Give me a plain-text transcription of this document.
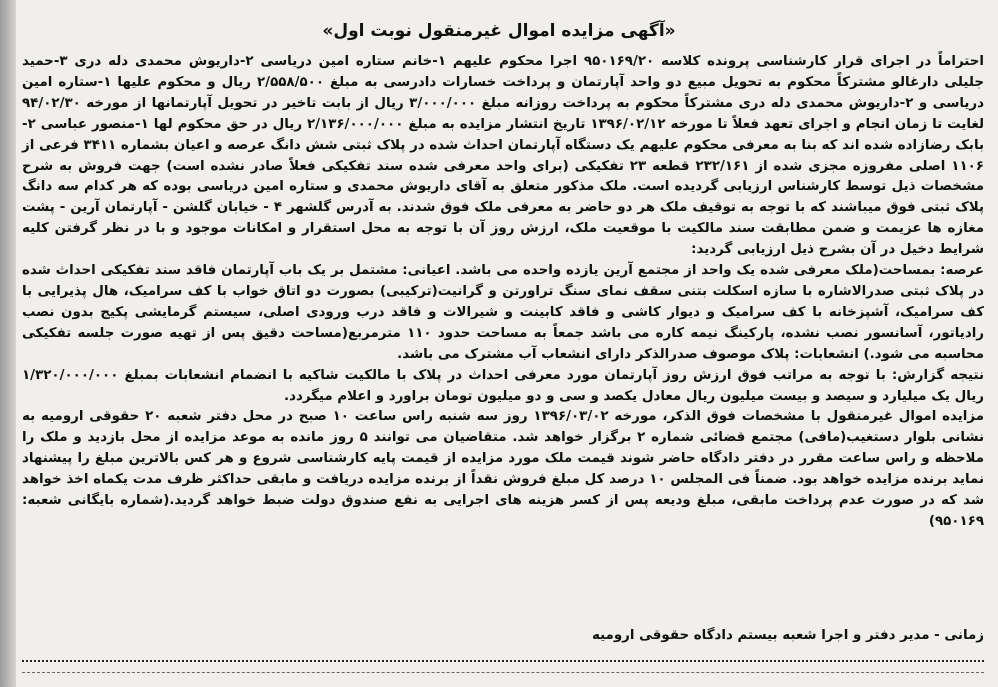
«آگهی مزایده اموال غیرمنقول نوبت اول»

احتراماً در اجرای قرار کارشناسی پرونده کلاسه ۹۵۰۱۶۹/۲۰ اجرا محکوم علیهم ۱-خانم ستاره امین دریاسی ۲-داریوش محمدی دله دری ۳-حمید جلیلی دارغالو مشترکاً محکوم به تحویل مبیع دو واحد آپارتمان و پرداخت خسارات دادرسی به مبلغ ۲/۵۵۸/۵۰۰ ریال و محکوم علیها ۱-ستاره امین دریاسی و ۲-داریوش محمدی دله دری مشترکاً محکوم به پرداخت روزانه مبلغ ۳/۰۰۰/۰۰۰ ریال از بابت تاخیر در تحویل آپارتمانها از مورخه ۹۴/۰۲/۳۰ لغایت تا زمان انجام و اجرای تعهد فعلاً تا مورخه ۱۳۹۶/۰۲/۱۲ تاریخ انتشار مزایده به مبلغ ۲/۱۳۶/۰۰۰/۰۰۰ ریال در حق محکوم لها ۱-منصور عباسی ۲-بابک رضازاده شده اند که بنا به معرفی محکوم علیهم یک دستگاه آپارتمان احداث شده در پلاک ثبتی شش دانگ عرصه و اعیان بشماره ۳۴۱۱ فرعی از ۱۱۰۶ اصلی مفروزه مجزی شده از ۲۳۲/۱۶۱ قطعه ۲۳ تفکیکی (برای واحد معرفی شده سند تفکیکی فعلاً صادر نشده است) جهت فروش به شرح مشخصات ذیل توسط کارشناس ارزیابی گردیده است. ملک مذکور متعلق به آقای داریوش محمدی و ستاره امین دریاسی بوده که هر کدام سه دانگ پلاک ثبتی فوق میباشند که با توجه به توقیف ملک هر دو حاضر به معرفی ملک فوق شدند. به آدرس گلشهر ۴ - خیابان گلشن - آپارتمان آرین - پشت مغازه ها عزیمت و ضمن مطابقت سند مالکیت با موقعیت ملک، ارزش روز آن با توجه به محل استقرار و امکانات موجود و با در نظر گرفتن کلیه شرایط دخیل در آن بشرح ذیل ارزیابی گردید:

عرصه: بمساحت(ملک معرفی شده یک واحد از مجتمع آرین یازده واحده می باشد. اعیانی: مشتمل بر یک باب آپارتمان فاقد سند تفکیکی احداث شده در پلاک ثبتی صدرالاشاره با سازه اسکلت بتنی سقف نمای سنگ تراورتن و گرانیت(ترکیبی) بصورت دو اتاق خواب با کف سرامیک، هال پذیرایی با کف سرامیک، آشپزخانه با کف سرامیک و دیوار کاشی و فاقد کابینت و شیرالات و فاقد درب ورودی اصلی، سیستم گرمایشی پکیج بدون نصب رادیاتور، آسانسور نصب نشده، پارکینگ نیمه کاره می باشد جمعاً به مساحت حدود ۱۱۰ مترمربع(مساحت دقیق پس از تهیه صورت جلسه تفکیکی محاسبه می شود.) انشعابات: پلاک موصوف صدرالذکر دارای انشعاب آب مشترک می باشد.

نتیجه گزارش: با توجه به مراتب فوق ارزش روز آپارتمان مورد معرفی احداث در پلاک با مالکیت شاکیه با انضمام انشعابات بمبلغ ۱/۳۲۰/۰۰۰/۰۰۰ ریال یک میلیارد و سیصد و بیست میلیون ریال معادل یکصد و سی و دو میلیون تومان براورد و اعلام میگردد.

مزایده اموال غیرمنقول با مشخصات فوق الذکر، مورخه ۱۳۹۶/۰۳/۰۲ روز سه شنبه راس ساعت ۱۰ صبح در محل دفتر شعبه ۲۰ حقوقی ارومیه به نشانی بلوار دستغیب(مافی) مجتمع قضائی شماره ۲ برگزار خواهد شد. متقاضیان می توانند ۵ روز مانده به موعد مزایده از محل بازدید و ملک را ملاحظه و راس ساعت مقرر در دفتر دادگاه حاضر شوند قیمت ملک مورد مزایده از قیمت پایه کارشناسی شروع و هر کس بالاترین مبلغ را پیشنهاد نماید برنده مزایده خواهد بود. ضمناً فی المجلس ۱۰ درصد کل مبلغ فروش نقداً از برنده مزایده دریافت و مابقی حداکثر ظرف مدت یکماه اخذ خواهد شد که در صورت عدم پرداخت مابقی، مبلغ ودیعه پس از کسر هزینه های اجرایی به نفع صندوق دولت ضبط خواهد گردید.(شماره بایگانی شعبه: ۹۵۰۱۶۹)

زمانی - مدیر دفتر و اجرا شعبه بیستم دادگاه حقوقی ارومیه
